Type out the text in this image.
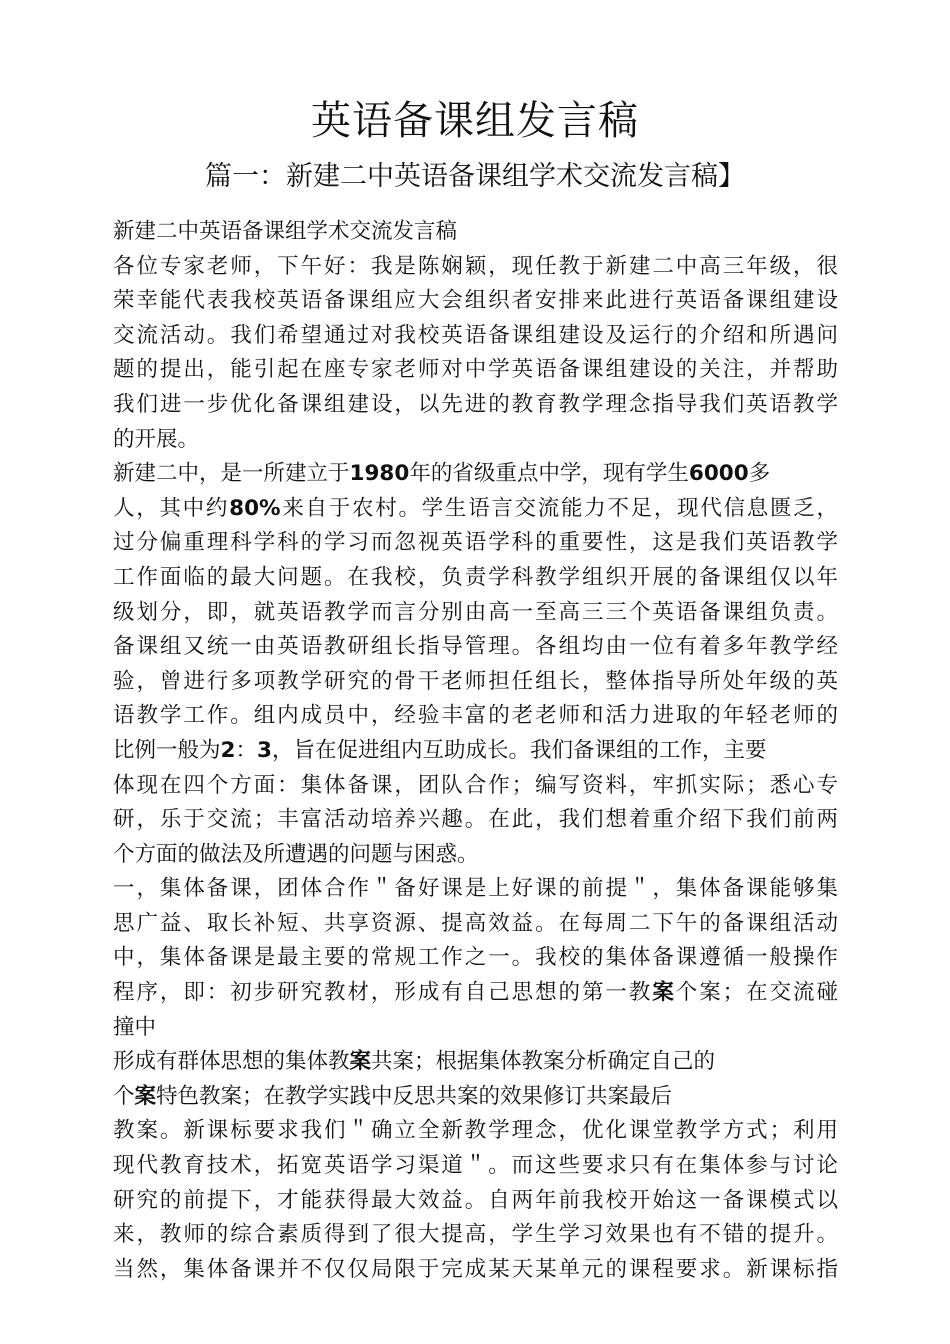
英语备课组发言稿
篇一：新建二中英语备课组学术交流发言稿】
新建二中英语备课组学术交流发言稿
各位专家老师，下午好：我是陈娴颖，现任教于新建二中高三年级，很
荣幸能代表我校英语备课组应大会组织者安排来此进行英语备课组建设
交流活动。我们希望通过对我校英语备课组建设及运行的介绍和所遇问
题的提出，能引起在座专家老师对中学英语备课组建设的关注，并帮助
我们进一步优化备课组建设，以先进的教育教学理念指导我们英语教学
的开展。
新建二中，是一所建立于1980年的省级重点中学，现有学生6000多
人，其中约80%来自于农村。学生语言交流能力不足，现代信息匮乏，
过分偏重理科学科的学习而忽视英语学科的重要性，这是我们英语教学
工作面临的最大问题。在我校，负责学科教学组织开展的备课组仅以年
级划分，即，就英语教学而言分别由高一至高三三个英语备课组负责。
备课组又统一由英语教研组长指导管理。各组均由一位有着多年教学经
验，曾进行多项教学研究的骨干老师担任组长，整体指导所处年级的英
语教学工作。组内成员中，经验丰富的老老师和活力进取的年轻老师的
比例一般为2：3，旨在促进组内互助成长。我们备课组的工作，主要
体现在四个方面：集体备课，团队合作；编写资料，牢抓实际；悉心专
研，乐于交流；丰富活动培养兴趣。在此，我们想着重介绍下我们前两
个方面的做法及所遭遇的问题与困惑。
一，集体备课，团体合作＂备好课是上好课的前提＂，集体备课能够集
思广益、取长补短、共享资源、提高效益。在每周二下午的备课组活动
中，集体备课是最主要的常规工作之一。我校的集体备课遵循一般操作
程序，即：初步研究教材，形成有自己思想的第一教案个案；在交流碰
撞中
形成有群体思想的集体教案共案；根据集体教案分析确定自己的
个案特色教案；在教学实践中反思共案的效果修订共案最后
教案。新课标要求我们＂确立全新教学理念，优化课堂教学方式；利用
现代教育技术，拓宽英语学习渠道＂。而这些要求只有在集体参与讨论
研究的前提下，才能获得最大效益。自两年前我校开始这一备课模式以
来，教师的综合素质得到了很大提高，学生学习效果也有不错的提升。
当然，集体备课并不仅仅局限于完成某天某单元的课程要求。新课标指
